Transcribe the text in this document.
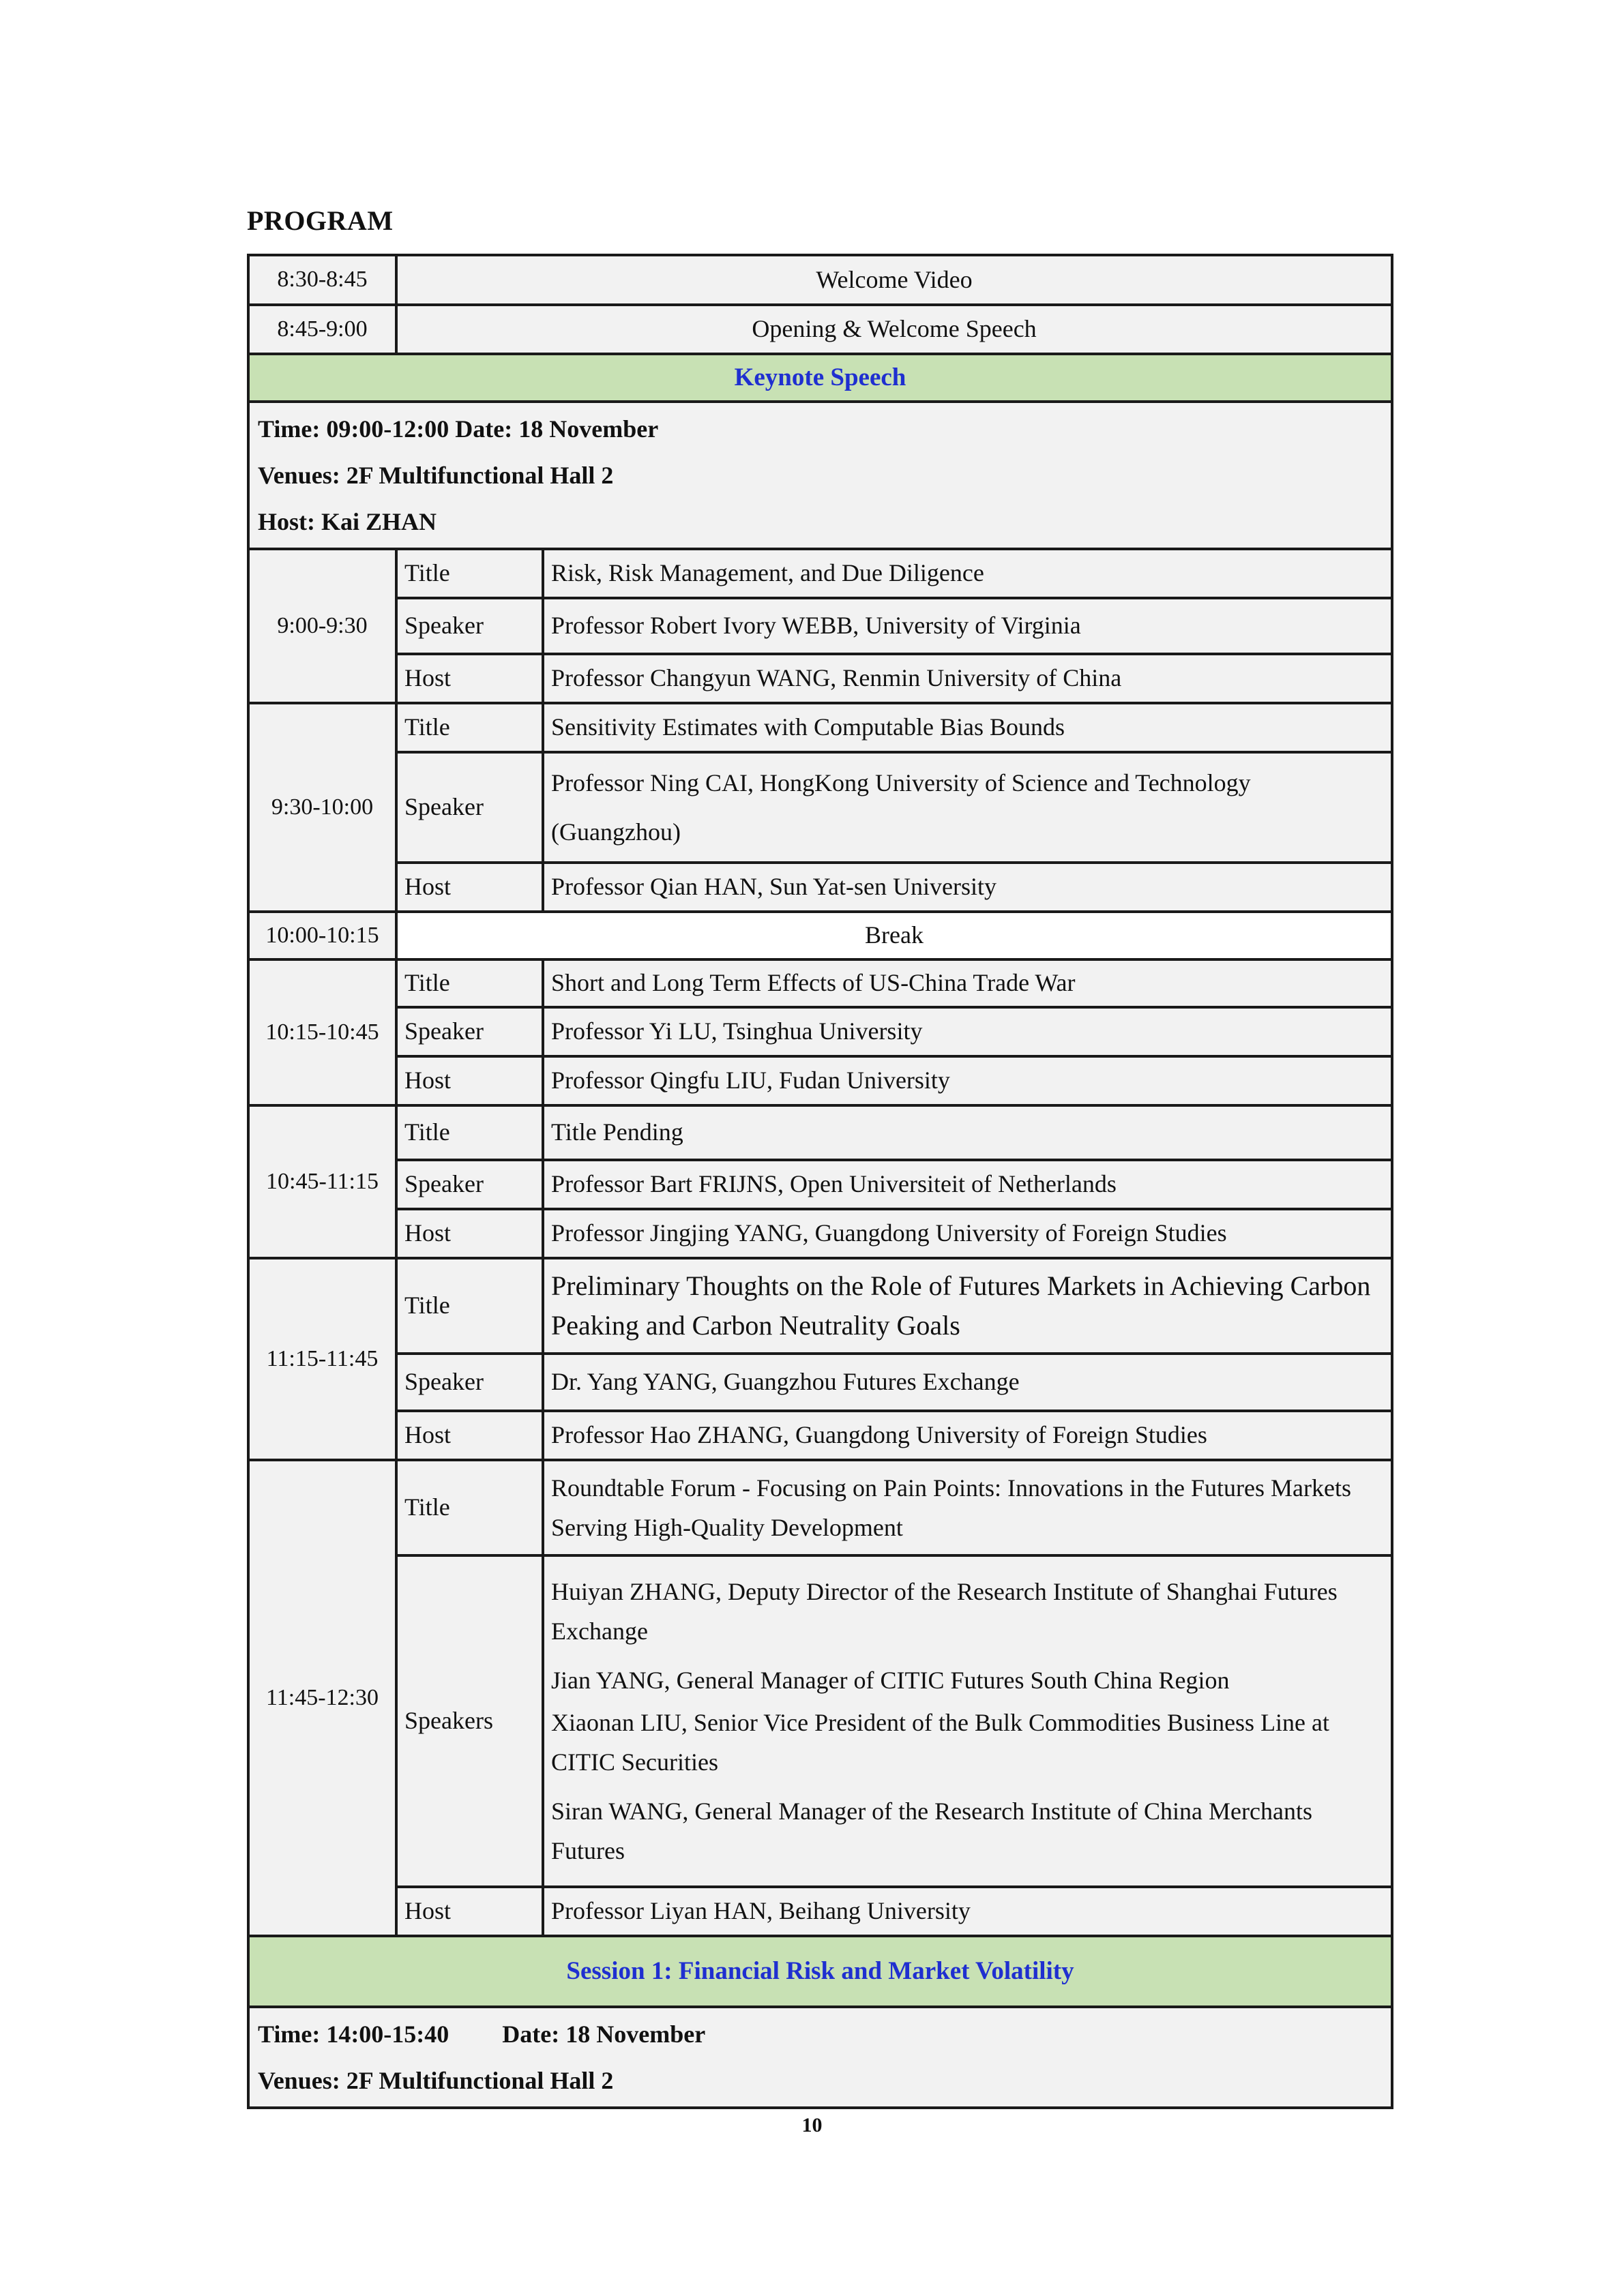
PROGRAM
8:30-8:45	Welcome Video	
8:45-9:00	Opening & Welcome Speech	
Keynote Speech		

Time: 09:00-12:00 Date: 18 November
Venues: 2F Multifunctional Hall 2
Host: Kai ZHAN		

9:00-9:30	Title	Risk, Risk Management, and Due Diligence
	Speaker	Professor Robert Ivory WEBB, University of Virginia
	Host	Professor Changyun WANG, Renmin University of China
9:30-10:00	Title	Sensitivity Estimates with Computable Bias Bounds
	Speaker	Professor Ning CAI, HongKong University of Science and Technology (Guangzhou)
	Host	Professor Qian HAN, Sun Yat-sen University
10:00-10:15	Break	
10:15-10:45	Title	Short and Long Term Effects of US-China Trade War
	Speaker	Professor Yi LU, Tsinghua University
	Host	Professor Qingfu LIU, Fudan University
10:45-11:15	Title	Title Pending
	Speaker	Professor Bart FRIJNS, Open Universiteit of Netherlands
	Host	Professor Jingjing YANG, Guangdong University of Foreign Studies
11:15-11:45	Title	Preliminary Thoughts on the Role of Futures Markets in Achieving Carbon Peaking and Carbon Neutrality Goals
	Speaker	Dr. Yang YANG, Guangzhou Futures Exchange
	Host	Professor Hao ZHANG, Guangdong University of Foreign Studies
11:45-12:30	Title	Roundtable Forum - Focusing on Pain Points: Innovations in the Futures Markets Serving High-Quality Development
	Speakers	Huiyan ZHANG, Deputy Director of the Research Institute of Shanghai Futures Exchange
Jian YANG, General Manager of CITIC Futures South China Region
Xiaonan LIU, Senior Vice President of the Bulk Commodities Business Line at CITIC Securities
Siran WANG, General Manager of the Research Institute of China Merchants Futures

	Host	Professor Liyan HAN, Beihang University
Session 1: Financial Risk and Market Volatility		

Time: 14:00-15:40 Date: 18 November
Venues: 2F Multifunctional Hall 2		
10
